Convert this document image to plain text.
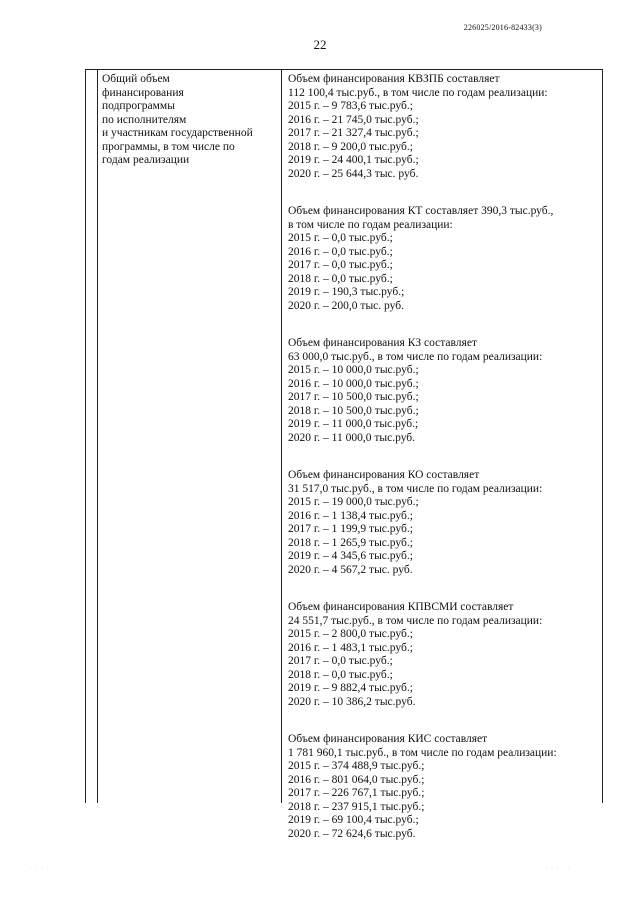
226025/2016-82433(3)
22
Общий объем
финансирования
подпрограммы
по исполнителям
и участникам государственной
программы, в том числе по
годам реализации
Объем финансирования КВЗПБ составляет
112 100,4 тыс.руб., в том числе по годам реализации:
2015 г. – 9 783,6 тыс.руб.;
2016 г. – 21 745,0 тыс.руб.;
2017 г. – 21 327,4 тыс.руб.;
2018 г. – 9 200,0 тыс.руб.;
2019 г. – 24 400,1 тыс.руб.;
2020 г. – 25 644,3 тыс. руб.
Объем финансирования КТ составляет 390,3 тыс.руб.,
в том числе по годам реализации:
2015 г. – 0,0 тыс.руб.;
2016 г. – 0,0 тыс.руб.;
2017 г. – 0,0 тыс.руб.;
2018 г. – 0,0 тыс.руб.;
2019 г. – 190,3 тыс.руб.;
2020 г. – 200,0 тыс. руб.
Объем финансирования КЗ составляет
63 000,0 тыс.руб., в том числе по годам реализации:
2015 г. – 10 000,0 тыс.руб.;
2016 г. – 10 000,0 тыс.руб.;
2017 г. – 10 500,0 тыс.руб.;
2018 г. – 10 500,0 тыс.руб.;
2019 г. – 11 000,0 тыс.руб.;
2020 г. – 11 000,0 тыс.руб.
Объем финансирования КО составляет
31 517,0 тыс.руб., в том числе по годам реализации:
2015 г. – 19 000,0 тыс.руб.;
2016 г. – 1 138,4 тыс.руб.;
2017 г. – 1 199,9 тыс.руб.;
2018 г. – 1 265,9 тыс.руб.;
2019 г. – 4 345,6 тыс.руб.;
2020 г. – 4 567,2 тыс. руб.
Объем финансирования КПВСМИ составляет
24 551,7 тыс.руб., в том числе по годам реализации:
2015 г. – 2 800,0 тыс.руб.;
2016 г. – 1 483,1 тыс.руб.;
2017 г. – 0,0 тыс.руб.;
2018 г. – 0,0 тыс.руб.;
2019 г. – 9 882,4 тыс.руб.;
2020 г. – 10 386,2 тыс.руб.
Объем финансирования КИС составляет
1 781 960,1 тыс.руб., в том числе по годам реализации:
2015 г. – 374 488,9 тыс.руб.;
2016 г. – 801 064,0 тыс.руб.;
2017 г. – 226 767,1 тыс.руб.;
2018 г. – 237 915,1 тыс.руб.;
2019 г. – 69 100,4 тыс.руб.;
2020 г. – 72 624,6 тыс.руб.
· · · ·	· · · · · ·
